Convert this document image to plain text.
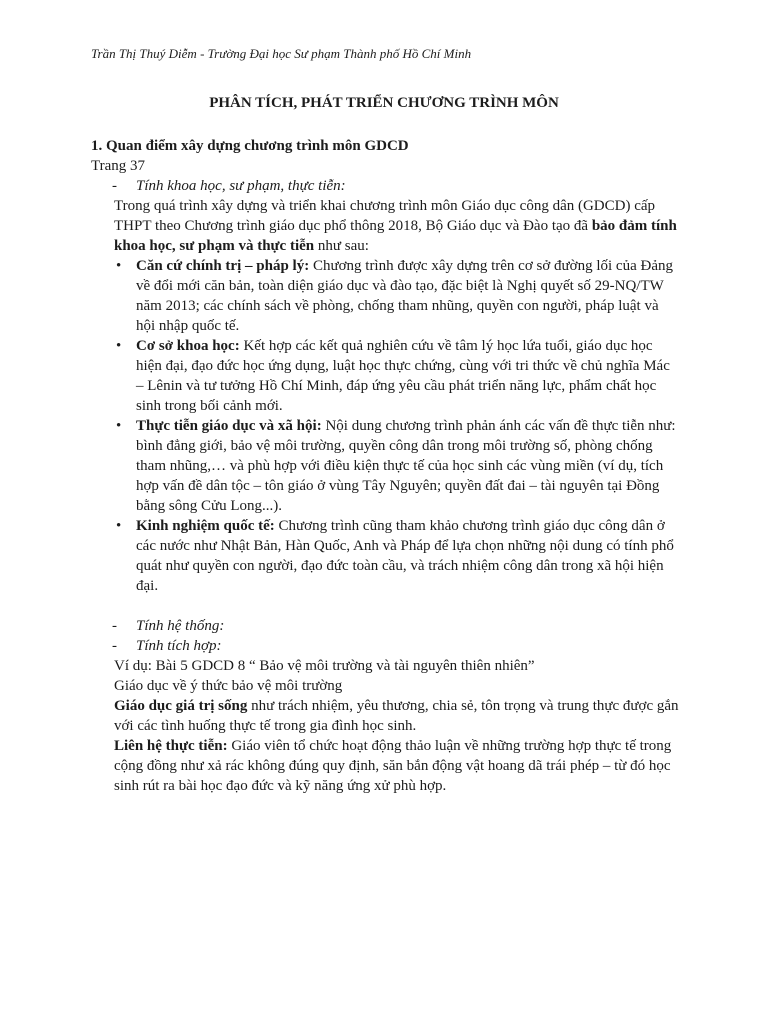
Trần Thị Thuý Diễm - Trường Đại học Sư phạm Thành phố Hồ Chí Minh
PHÂN TÍCH, PHÁT TRIỂN CHƯƠNG TRÌNH MÔN

1. Quan điểm xây dựng chương trình môn GDCD

Trang 37

- Tính khoa học, sư phạm, thực tiễn:

Trong quá trình xây dựng và triển khai chương trình môn Giáo dục công dân (GDCD) cấp THPT theo Chương trình giáo dục phổ thông 2018, Bộ Giáo dục và Đào tạo đã bảo đảm tính khoa học, sư phạm và thực tiễn như sau:

• Căn cứ chính trị – pháp lý: Chương trình được xây dựng trên cơ sở đường lối của Đảng về đổi mới căn bản, toàn diện giáo dục và đào tạo, đặc biệt là Nghị quyết số 29-NQ/TW năm 2013; các chính sách về phòng, chống tham nhũng, quyền con người, pháp luật và hội nhập quốc tế.
• Cơ sở khoa học: Kết hợp các kết quả nghiên cứu về tâm lý học lứa tuổi, giáo dục học hiện đại, đạo đức học ứng dụng, luật học thực chứng, cùng với tri thức về chủ nghĩa Mác – Lênin và tư tưởng Hồ Chí Minh, đáp ứng yêu cầu phát triển năng lực, phẩm chất học sinh trong bối cảnh mới.
• Thực tiễn giáo dục và xã hội: Nội dung chương trình phản ánh các vấn đề thực tiễn như: bình đẳng giới, bảo vệ môi trường, quyền công dân trong môi trường số, phòng chống tham nhũng,… và phù hợp với điều kiện thực tế của học sinh các vùng miền (ví dụ, tích hợp vấn đề dân tộc – tôn giáo ở vùng Tây Nguyên; quyền đất đai – tài nguyên tại Đồng bằng sông Cửu Long...).
• Kinh nghiệm quốc tế: Chương trình cũng tham khảo chương trình giáo dục công dân ở các nước như Nhật Bản, Hàn Quốc, Anh và Pháp để lựa chọn những nội dung có tính phổ quát như quyền con người, đạo đức toàn cầu, và trách nhiệm công dân trong xã hội hiện đại.

- Tính hệ thống:

- Tính tích hợp:

Ví dụ: Bài 5 GDCD 8 “ Bảo vệ môi trường và tài nguyên thiên nhiên”

Giáo dục về ý thức bảo vệ môi trường

Giáo dục giá trị sống như trách nhiệm, yêu thương, chia sẻ, tôn trọng và trung thực được gắn với các tình huống thực tế trong gia đình học sinh.

Liên hệ thực tiễn: Giáo viên tổ chức hoạt động thảo luận về những trường hợp thực tế trong cộng đồng như xả rác không đúng quy định, săn bắn động vật hoang dã trái phép – từ đó học sinh rút ra bài học đạo đức và kỹ năng ứng xử phù hợp.
